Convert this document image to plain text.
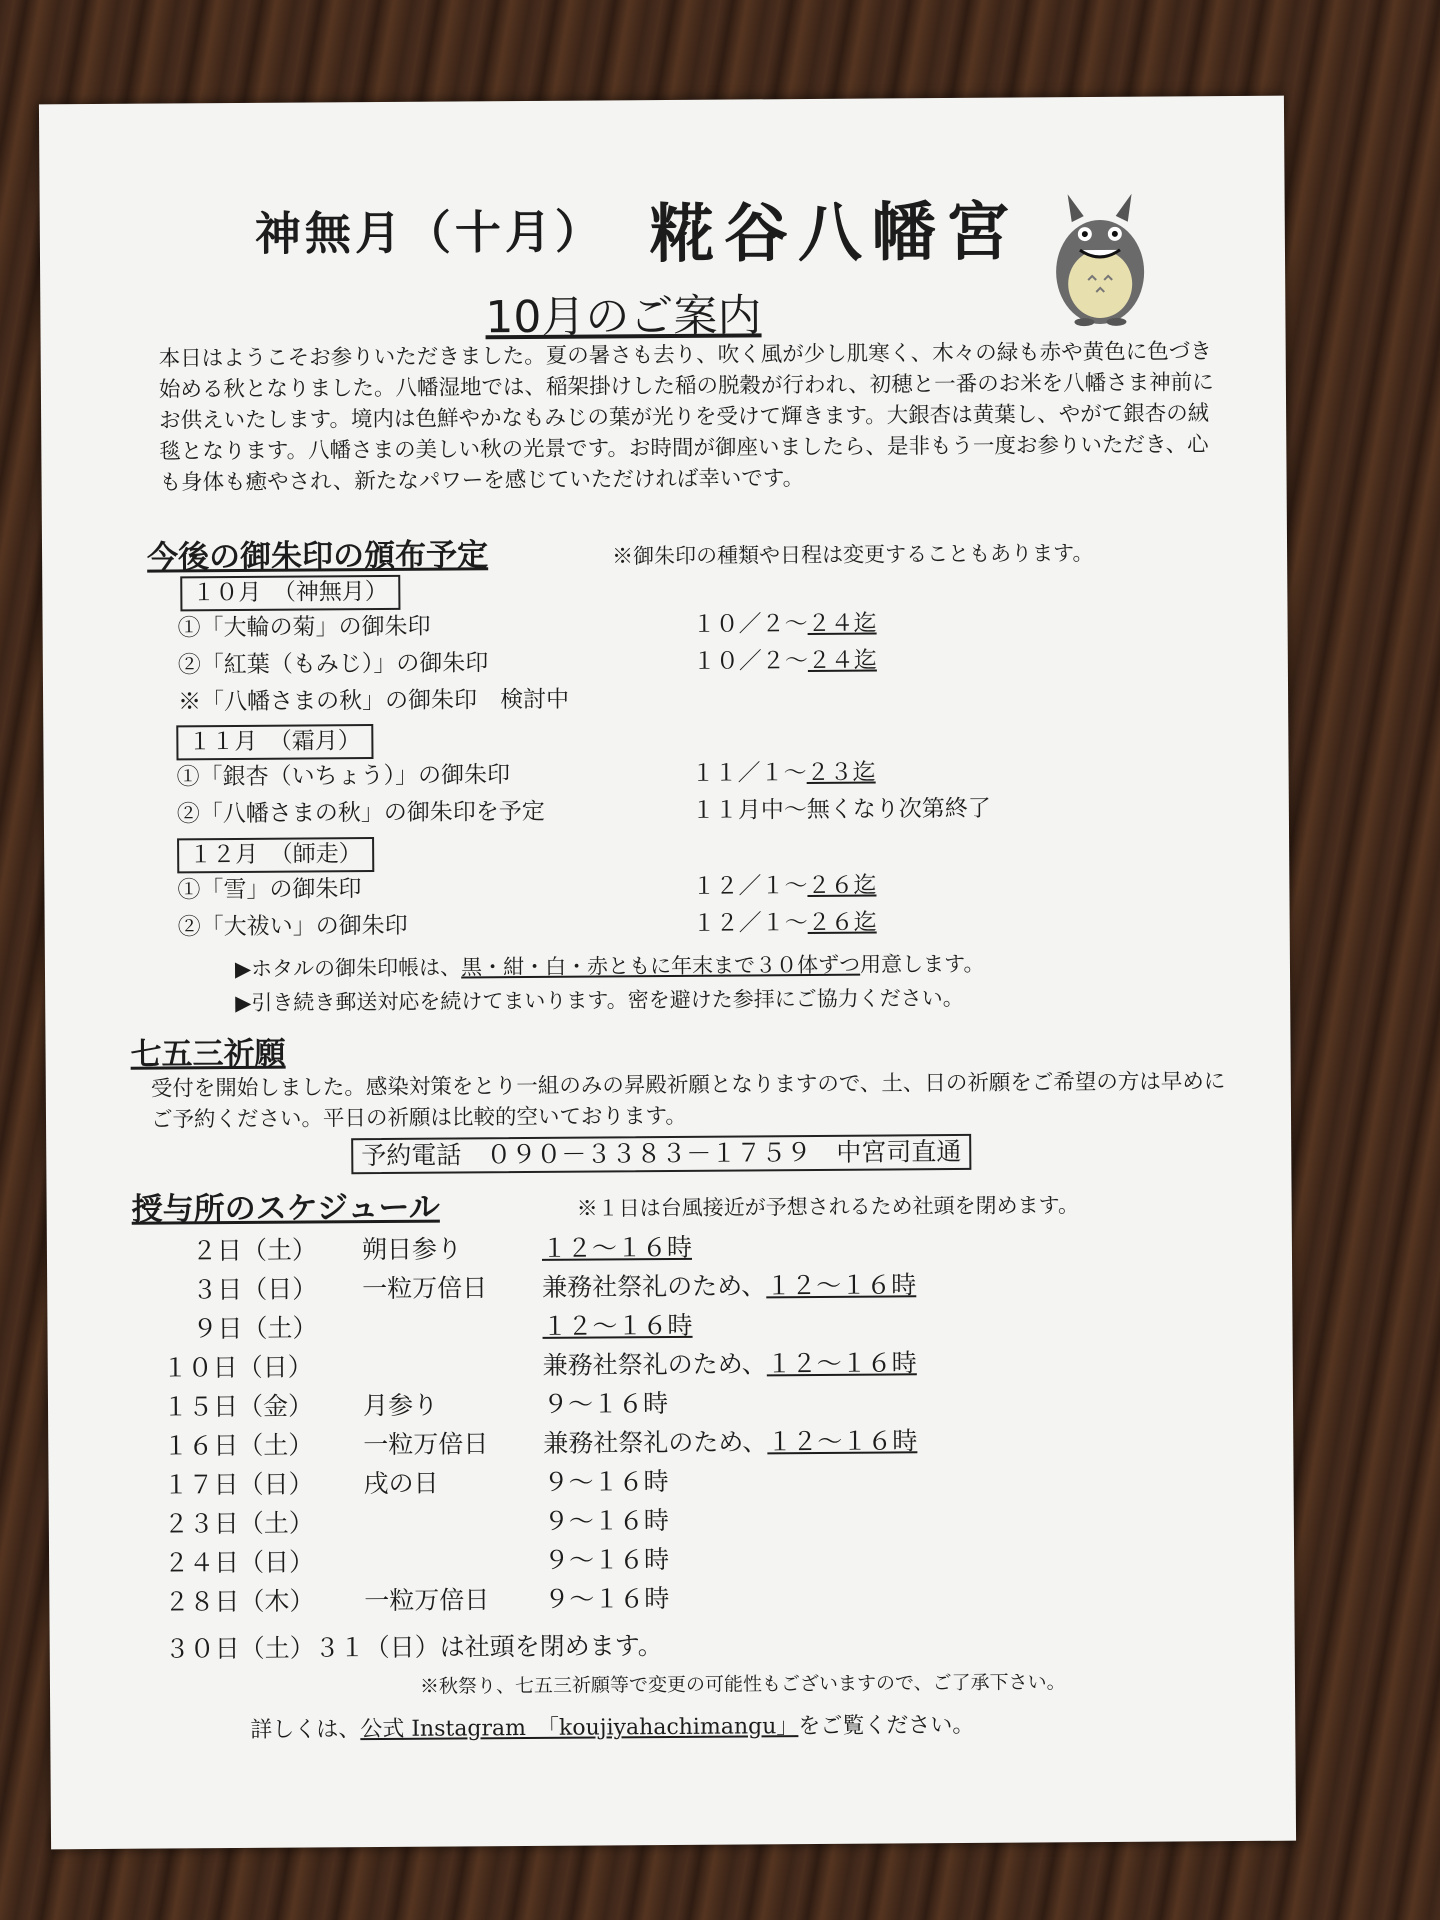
神無月（十月） 糀谷八幡宮
10月のご案内
本日はようこそお参りいただきました。夏の暑さも去り、吹く風が少し肌寒く、木々の緑も赤や黄色に色づき始める秋となりました。八幡湿地では、稲架掛けした稲の脱穀が行われ、初穂と一番のお米を八幡さま神前にお供えいたします。境内は色鮮やかなもみじの葉が光りを受けて輝きます。大銀杏は黄葉し、やがて銀杏の絨毯となります。八幡さまの美しい秋の光景です。お時間が御座いましたら、是非もう一度お参りいただき、心も身体も癒やされ、新たなパワーを感じていただければ幸いです。
今後の御朱印の頒布予定	※御朱印の種類や日程は変更することもあります。
１０月　（神無月）
①「大輪の菊」の御朱印	１０／２～２４迄
②「紅葉（もみじ）」の御朱印	１０／２～２４迄
※「八幡さまの秋」の御朱印　検討中
１１月　（霜月）
①「銀杏（いちょう）」の御朱印	１１／１～２３迄
②「八幡さまの秋」の御朱印を予定	１１月中～無くなり次第終了
１２月　（師走）
①「雪」の御朱印	１２／１～２６迄
②「大祓い」の御朱印	１２／１～２６迄
▶ホタルの御朱印帳は、黒・紺・白・赤ともに年末まで３０体ずつ用意します。
▶引き続き郵送対応を続けてまいります。密を避けた参拝にご協力ください。
七五三祈願
受付を開始しました。感染対策をとり一組のみの昇殿祈願となりますので、土、日の祈願をご希望の方は早めにご予約ください。平日の祈願は比較的空いております。
予約電話　０９０－３３８３－１７５９　中宮司直通
授与所のスケジュール	※１日は台風接近が予想されるため社頭を閉めます。
２日（土） 朔日参り	１２～１６時
３日（日） 一粒万倍日 兼務社祭礼のため、１２～１６時
９日（土）	１２～１６時
１０日（日）	兼務社祭礼のため、１２～１６時
１５日（金） 月参り	９～１６時
１６日（土） 一粒万倍日 兼務社祭礼のため、１２～１６時
１７日（日） 戌の日	９～１６時
２３日（土）	９～１６時
２４日（日）	９～１６時
２８日（木） 一粒万倍日 ９～１６時
３０日（土）３１（日）は社頭を閉めます。
※秋祭り、七五三祈願等で変更の可能性もございますので、ご了承下さい。
詳しくは、公式 Instagram　「koujiyahachimangu」をご覧ください。
